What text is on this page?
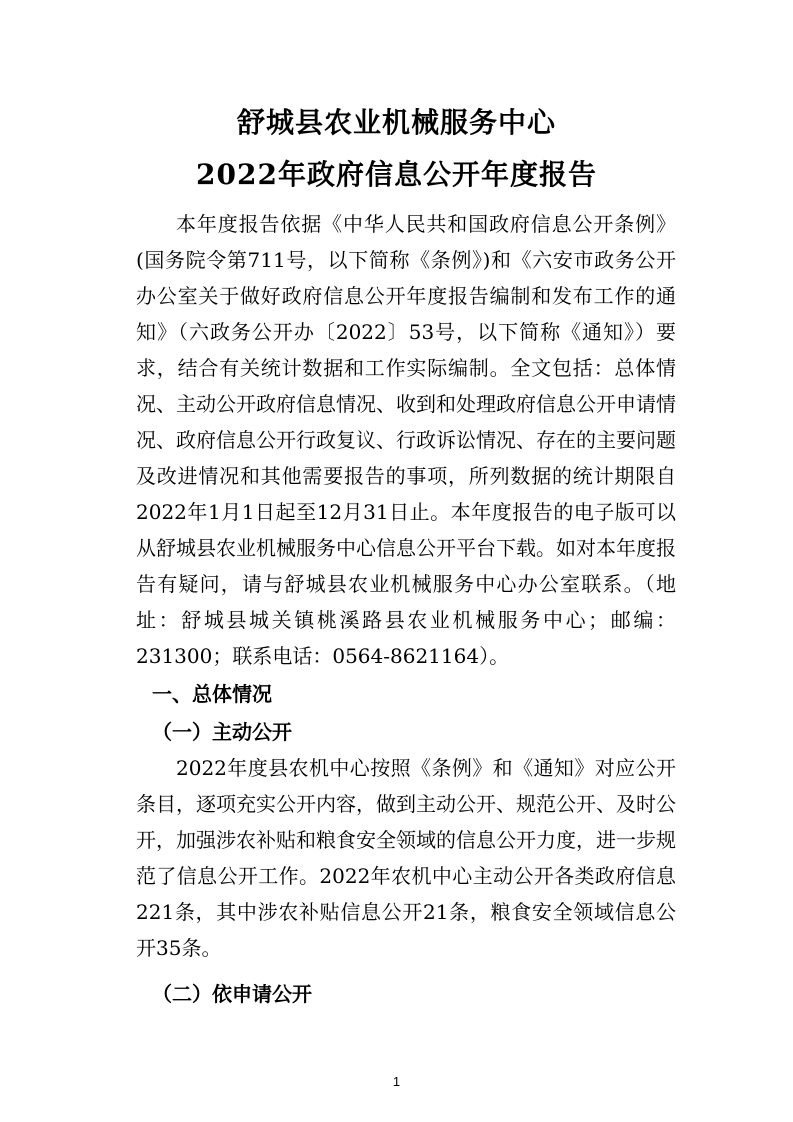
舒城县农业机械服务中心
2022年政府信息公开年度报告

本年度报告依据《中华人民共和国政府信息公开条例》(国务院令第711号，以下简称《条例》)和《六安市政务公开办公室关于做好政府信息公开年度报告编制和发布工作的通知》（六政务公开办〔2022〕53号，以下简称《通知》）要求，结合有关统计数据和工作实际编制。全文包括：总体情况、主动公开政府信息情况、收到和处理政府信息公开申请情况、政府信息公开行政复议、行政诉讼情况、存在的主要问题及改进情况和其他需要报告的事项，所列数据的统计期限自2022年1月1日起至12月31日止。本年度报告的电子版可以从舒城县农业机械服务中心信息公开平台下载。如对本年度报告有疑问，请与舒城县农业机械服务中心办公室联系。（地址：舒城县城关镇桃溪路县农业机械服务中心；邮编：231300；联系电话：0564-8621164）。

一、总体情况

（一）主动公开

2022年度县农机中心按照《条例》和《通知》对应公开条目，逐项充实公开内容，做到主动公开、规范公开、及时公开，加强涉农补贴和粮食安全领域的信息公开力度，进一步规范了信息公开工作。2022年农机中心主动公开各类政府信息221条，其中涉农补贴信息公开21条，粮食安全领域信息公开35条。

（二）依申请公开

1
